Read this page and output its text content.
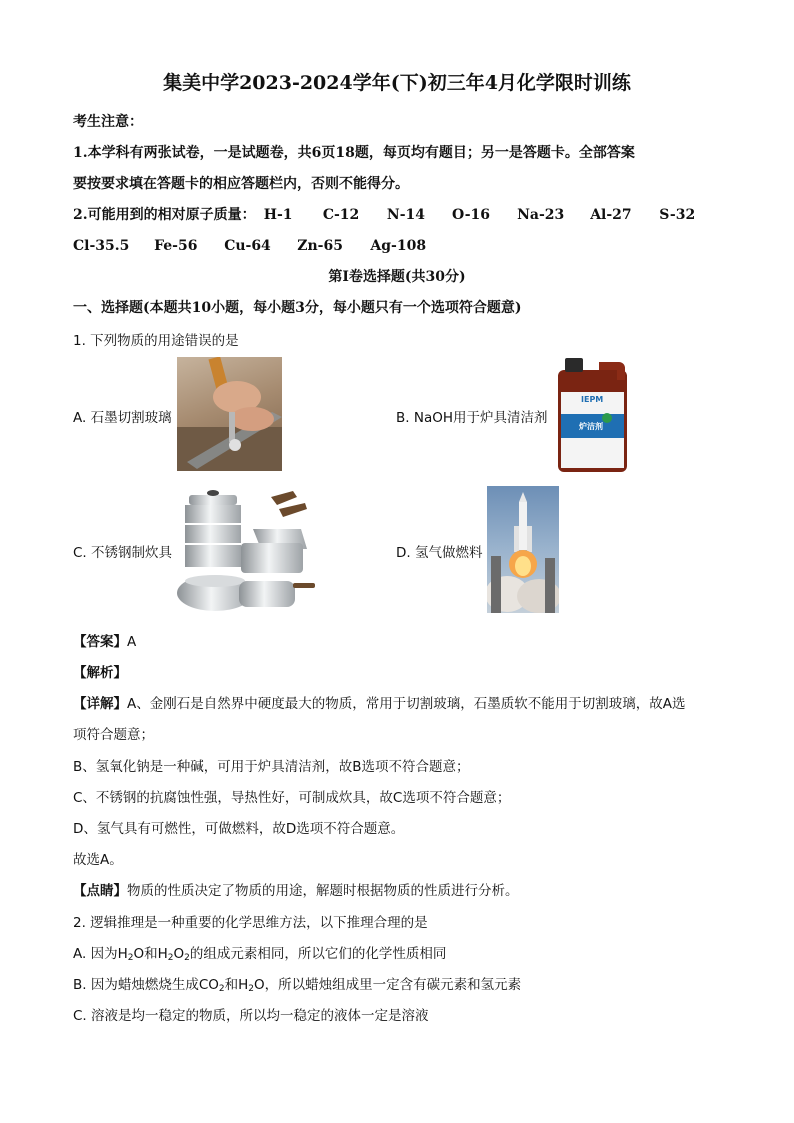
集美中学2023-2024学年(下)初三年4月化学限时训练
考生注意：
1.本学科有两张试卷，一是试题卷，共6页18题，每页均有题目；另一是答题卡。全部答案
要按要求填在答题卡的相应答题栏内，否则不能得分。
2.可能用到的相对原子质量： H-1 C-12 N-14 O-16 Na-23 Al-27 S-32
Cl-35.5 Fe-56 Cu-64 Zn-65 Ag-108
第I卷选择题(共30分)
一、选择题(本题共10小题，每小题3分，每小题只有一个选项符合题意)
1. 下列物质的用途错误的是
A. 石墨切割玻璃	B. NaOH用于炉具清洁剂
IEPM
炉洁剂
C. 不锈钢制炊具	D. 氢气做燃料
【答案】A
【解析】
【详解】A、金刚石是自然界中硬度最大的物质，常用于切割玻璃，石墨质软不能用于切割玻璃，故A选
项符合题意；
B、氢氧化钠是一种碱，可用于炉具清洁剂，故B选项不符合题意；
C、不锈钢的抗腐蚀性强，导热性好，可制成炊具，故C选项不符合题意；
D、氢气具有可燃性，可做燃料，故D选项不符合题意。
故选A。
【点睛】物质的性质决定了物质的用途，解题时根据物质的性质进行分析。
2. 逻辑推理是一种重要的化学思维方法，以下推理合理的是
A. 因为$H_2O$和$H_2O_2$的组成元素相同，所以它们的化学性质相同
B. 因为蜡烛燃烧生成$CO_2$和$H_2O$，所以蜡烛组成里一定含有碳元素和氢元素
C. 溶液是均一稳定的物质，所以均一稳定的液体一定是溶液
